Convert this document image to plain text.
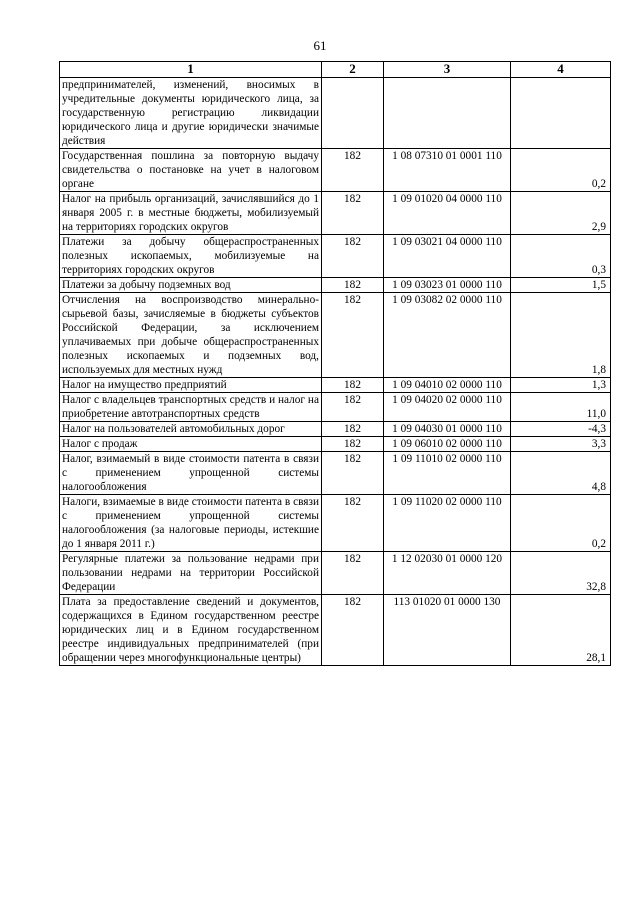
61
1	2	3	4
предпринимателей, изменений, вносимых в учредительные документы юридического лица, за государственную регистрацию ликвидации юридического лица и другие юридически значимые действия			
Государственная пошлина за повторную выдачу свидетельства о постановке на учет в налоговом органе	182	1 08 07310 01 0001 110	0,2
Налог на прибыль организаций, зачислявшийся до 1 января 2005 г. в местные бюджеты, мобилизуемый на территориях городских округов	182	1 09 01020 04 0000 110	2,9
Платежи за добычу общераспространенных полезных ископаемых, мобилизуемые на территориях городских округов	182	1 09 03021 04 0000 110	0,3
Платежи за добычу подземных вод	182	1 09 03023 01 0000 110	1,5
Отчисления на воспроизводство минерально-сырьевой базы, зачисляемые в бюджеты субъектов Российской Федерации, за исключением уплачиваемых при добыче общераспространенных полезных ископаемых и подземных вод, используемых для местных нужд	182	1 09 03082 02 0000 110	1,8
Налог на имущество предприятий	182	1 09 04010 02 0000 110	1,3
Налог с владельцев транспортных средств и налог на приобретение автотранспортных средств	182	1 09 04020 02 0000 110	11,0
Налог на пользователей автомобильных дорог	182	1 09 04030 01 0000 110	-4,3
Налог с продаж	182	1 09 06010 02 0000 110	3,3
Налог, взимаемый в виде стоимости патента в связи с применением упрощенной системы налогообложения	182	1 09 11010 02 0000 110	4,8
Налоги, взимаемые в виде стоимости патента в связи с применением упрощенной системы налогообложения (за налоговые периоды, истекшие до 1 января 2011 г.)	182	1 09 11020 02 0000 110	0,2
Регулярные платежи за пользование недрами при пользовании недрами на территории Российской Федерации	182	1 12 02030 01 0000 120	32,8
Плата за предоставление сведений и документов, содержащихся в Едином государственном реестре юридических лиц и в Едином государственном реестре индивидуальных предпринимателей (при обращении через многофункциональные центры)	182	113 01020 01 0000 130	28,1
